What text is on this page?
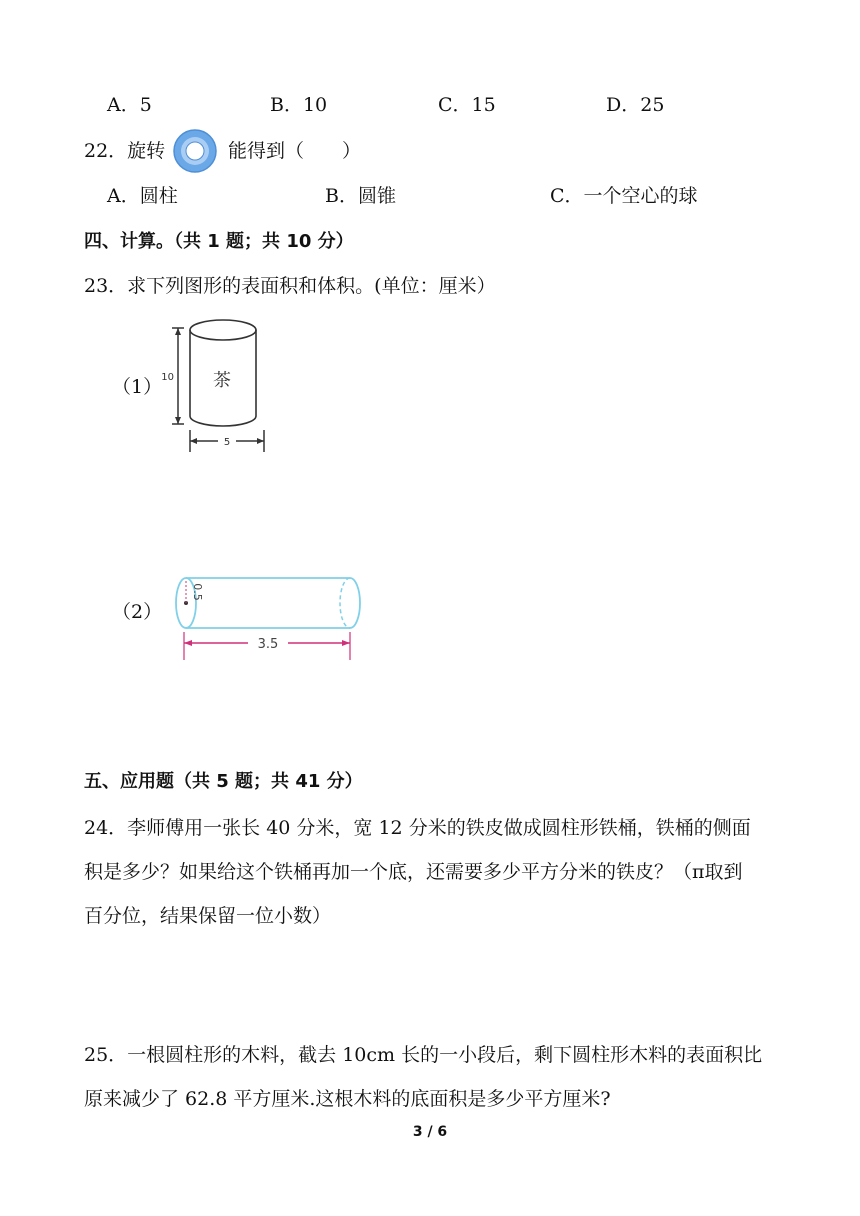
A．5	B．10	C．15	D．25
22．旋转	能得到（　　）
A．圆柱	B．圆锥	C．一个空心的球
四、计算。（共 1 题；共 10 分）
23．求下列图形的表面积和体积。(单位：厘米）
（1） 10 茶
5
（2）
0.5
3.5
五、应用题（共 5 题；共 41 分）
24．李师傅用一张长 40 分米，宽 12 分米的铁皮做成圆柱形铁桶，铁桶的侧面
积是多少？如果给这个铁桶再加一个底，还需要多少平方分米的铁皮？（π取到
百分位，结果保留一位小数）
25．一根圆柱形的木料，截去 10cm 长的一小段后，剩下圆柱形木料的表面积比
原来减少了 62.8 平方厘米.这根木料的底面积是多少平方厘米?
3 / 6
